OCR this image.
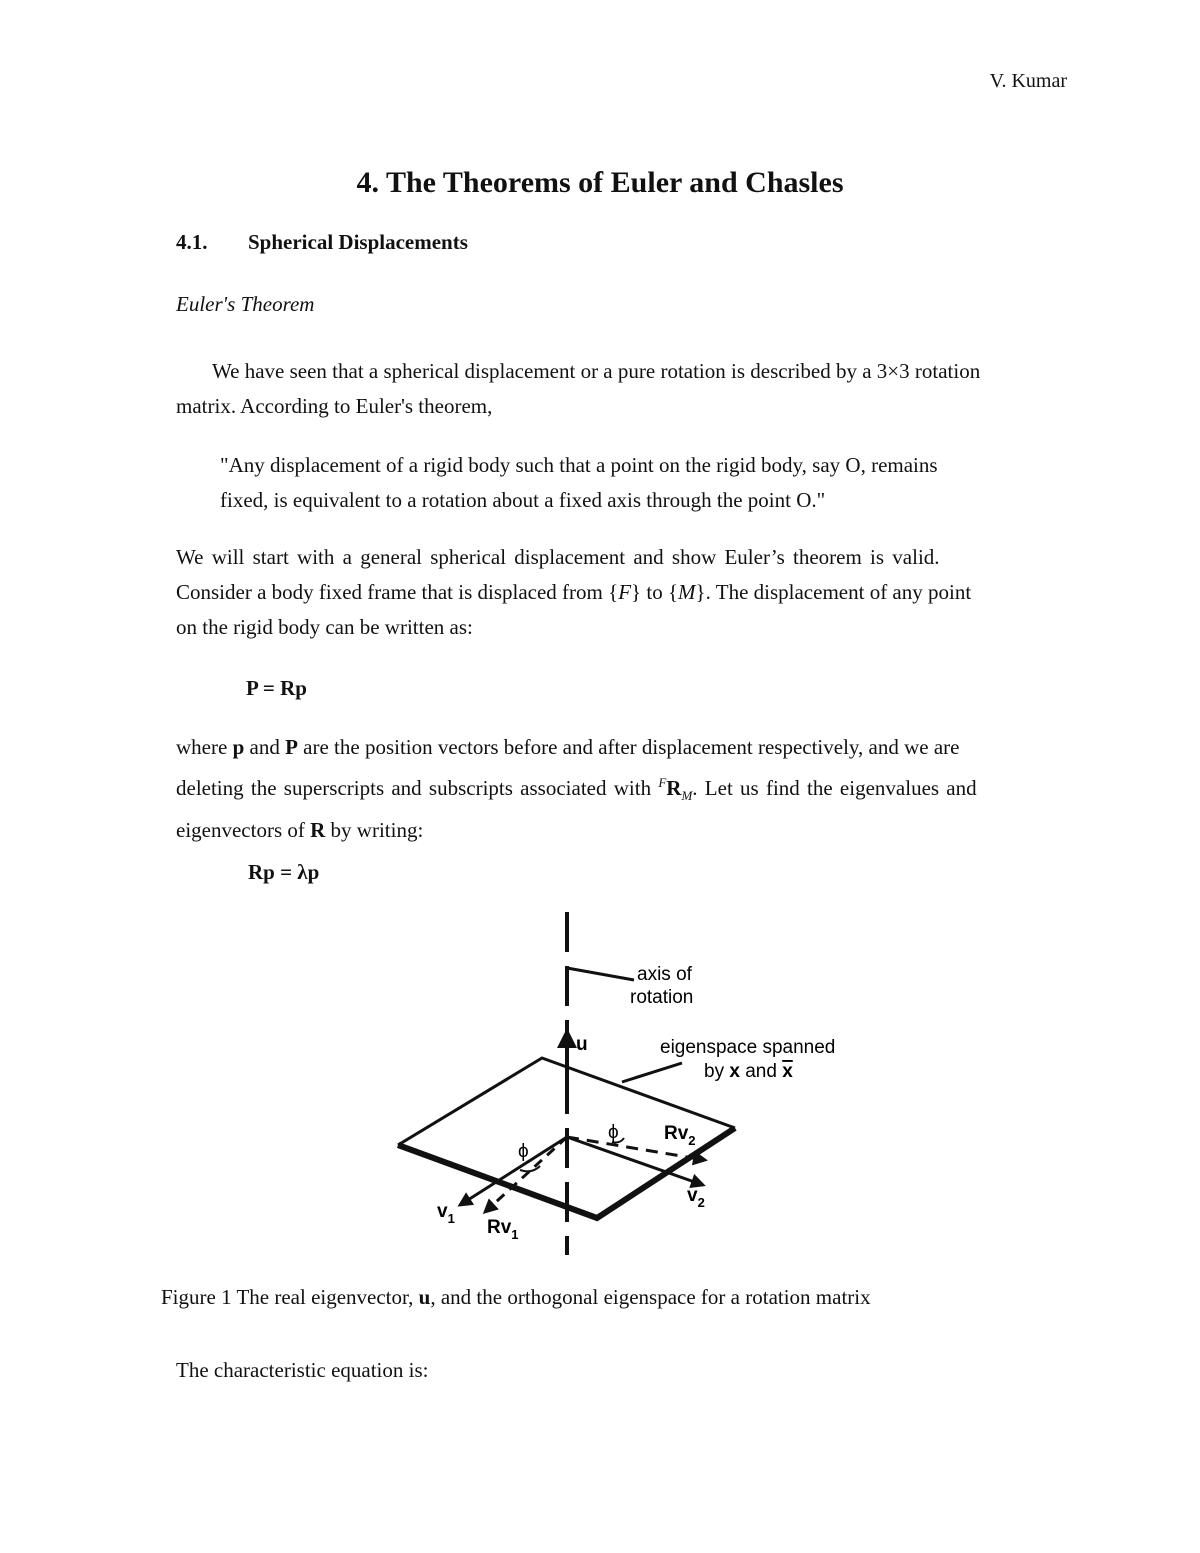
V. Kumar
4. The Theorems of Euler and Chasles
4.1. Spherical Displacements
Euler's Theorem
We have seen that a spherical displacement or a pure rotation is described by a 3×3 rotation
matrix. According to Euler's theorem,
"Any displacement of a rigid body such that a point on the rigid body, say O, remains
fixed, is equivalent to a rotation about a fixed axis through the point O."
We will start with a general spherical displacement and show Euler’s theorem is valid.
Consider a body fixed frame that is displaced from {F} to {M}. The displacement of any point
on the rigid body can be written as:
P = Rp
where p and P are the position vectors before and after displacement respectively, and we are
deleting the superscripts and subscripts associated with $^FR_M$. Let us find the eigenvalues and
eigenvectors of R by writing:
Rp = λp
axis of
rotation
u	eigenspace spanned
by x and x
ϕ
ϕ $Rv_2$
$v_2$
$v_1$ $Rv_1$
Figure 1 The real eigenvector, u, and the orthogonal eigenspace for a rotation matrix
The characteristic equation is:
